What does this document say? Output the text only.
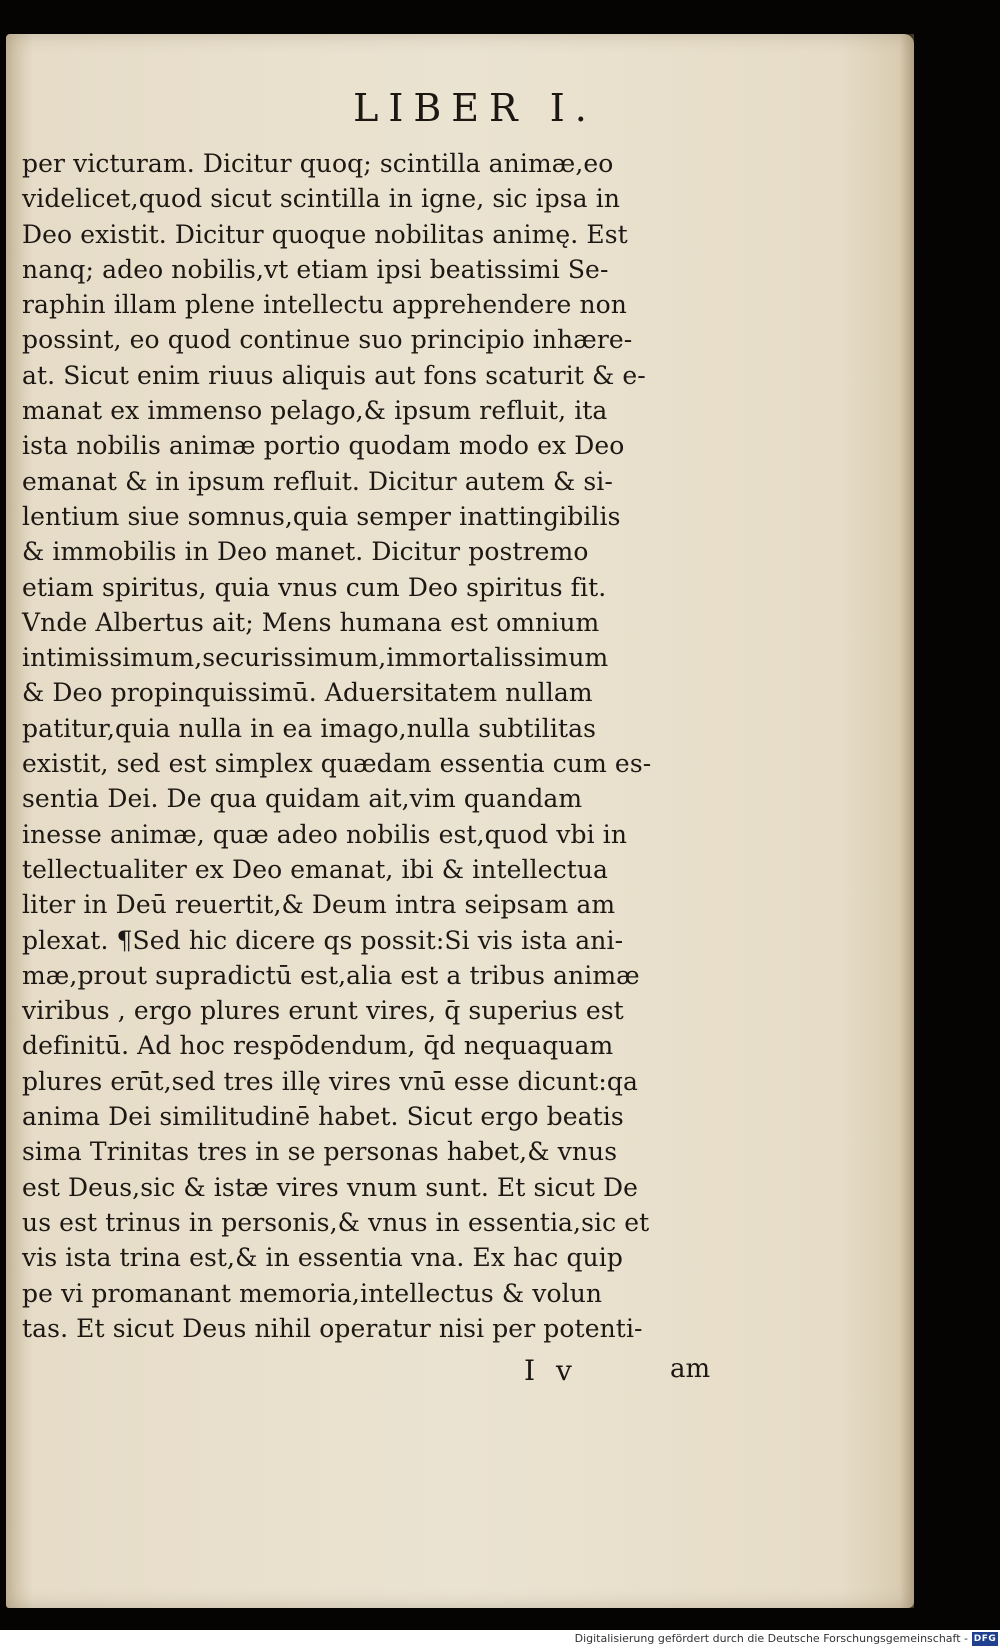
LIBER I.
per victuram. Dicitur quoq; scintilla animæ,eo
videlicet,quod sicut scintilla in igne, sic ipsa in
Deo existit. Dicitur quoque nobilitas animę. Est
nanq; adeo nobilis,vt etiam ipsi beatissimi Se-
raphin illam plene intellectu apprehendere non
possint, eo quod continue suo principio inhære-
at. Sicut enim riuus aliquis aut fons scaturit & e-
manat ex immenso pelago,& ipsum refluit, ita
ista nobilis animæ portio quodam modo ex Deo
emanat & in ipsum refluit. Dicitur autem & si-
lentium siue somnus,quia semper inattingibilis
& immobilis in Deo manet. Dicitur postremo
etiam spiritus, quia vnus cum Deo spiritus fit.
Vnde Albertus ait; Mens humana est omnium
intimissimum,securissimum,immortalissimum
& Deo propinquissimū. Aduersitatem nullam
patitur,quia nulla in ea imago,nulla subtilitas
existit, sed est simplex quædam essentia cum es-
sentia Dei. De qua quidam ait,vim quandam
inesse animæ, quæ adeo nobilis est,quod vbi in
tellectualiter ex Deo emanat, ibi & intellectua
liter in Deū reuertit,& Deum intra seipsam am
plexat. ¶Sed hic dicere qs possit:Si vis ista ani-
mæ,prout supradictū est,alia est a tribus animæ
viribus , ergo plures erunt vires, q̄ superius est
definitū. Ad hoc respōdendum, q̄d nequaquam
plures erūt,sed tres illę vires vnū esse dicunt:qa
anima Dei similitudinē habet. Sicut ergo beatis
sima Trinitas tres in se personas habet,& vnus
est Deus,sic & istæ vires vnum sunt. Et sicut De
us est trinus in personis,& vnus in essentia,sic et
vis ista trina est,& in essentia vna. Ex hac quip
pe vi promanant memoria,intellectus & volun
tas. Et sicut Deus nihil operatur nisi per potenti-
I v	am
Digitalisierung gefördert durch die Deutsche Forschungsgemeinschaft - DFG
